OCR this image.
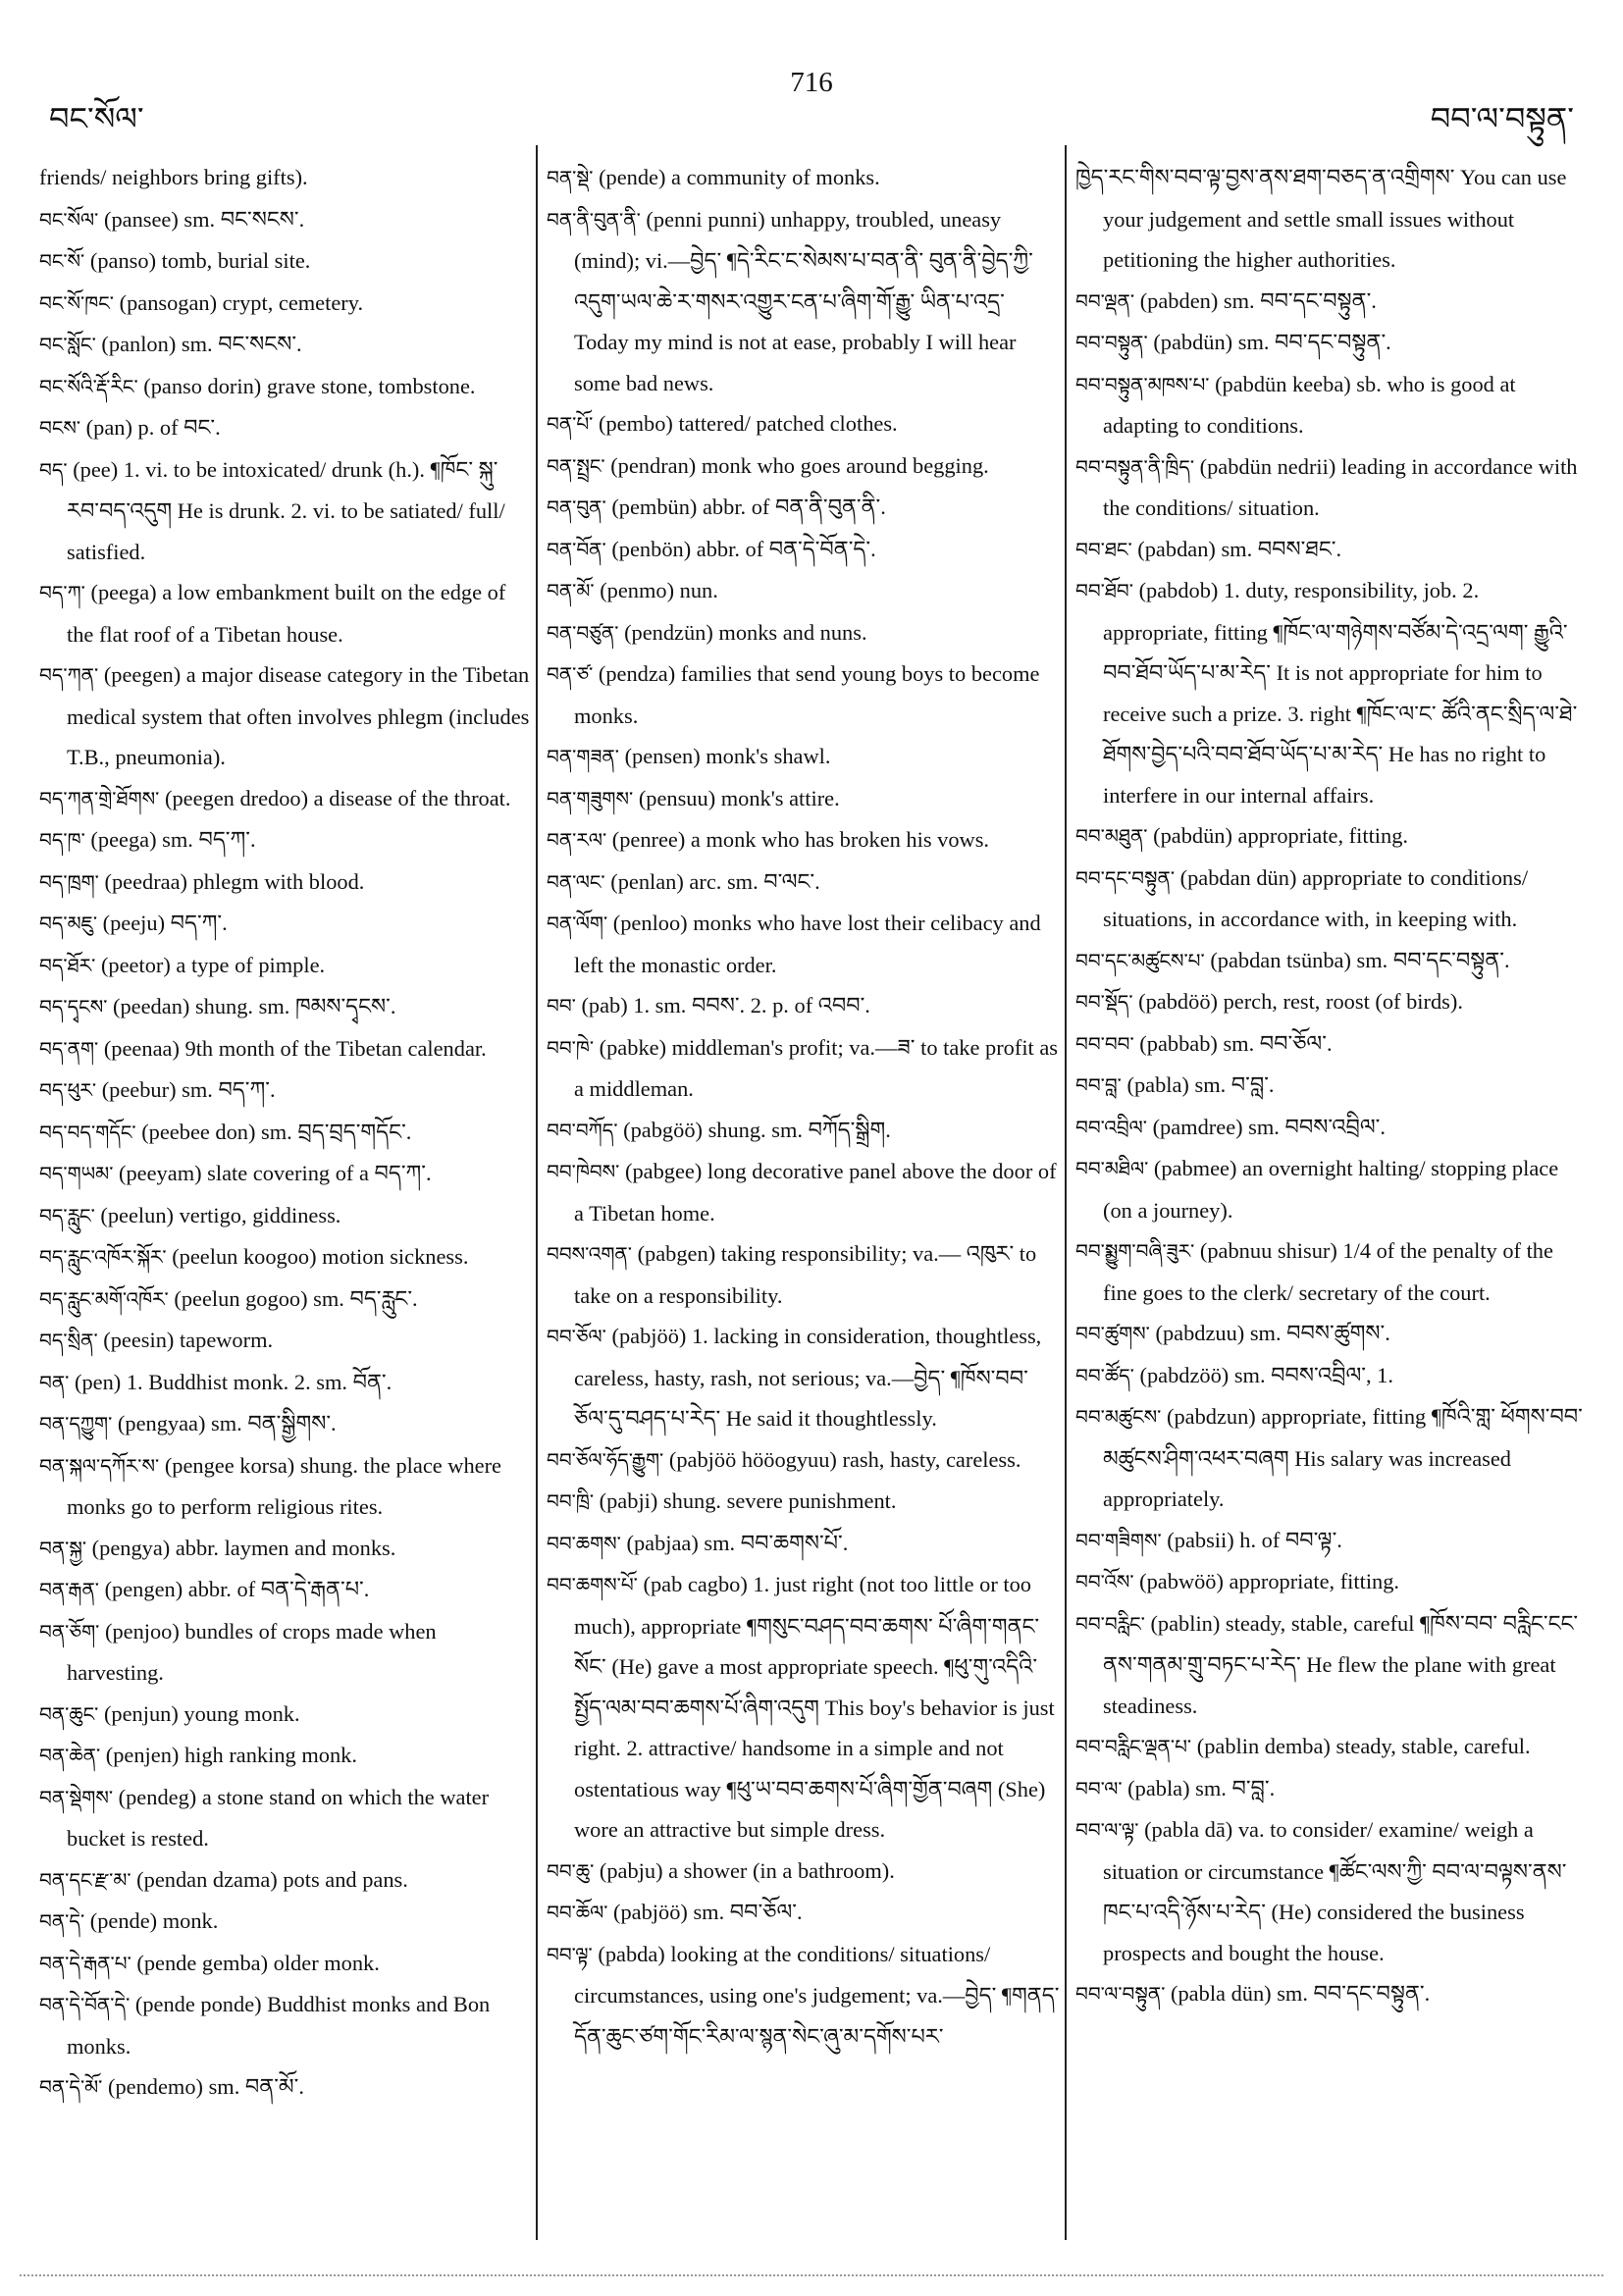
བང་སོལ་
716
བབ་ལ་བསྟུན་

friends/ neighbors bring gifts).

བང་སོལ་ (pansee) sm. བང་སངས་.

བང་སོ་ (panso) tomb, burial site.

བང་སོ་ཁང་ (pansogan) crypt, cemetery.

བང་སློང་ (panlon) sm. བང་སངས་.

བང་སོའི་རྡོ་རིང་ (panso dorin) grave stone, tombstone.

བངས་ (pan) p. of བང་.

བད་ (pee) 1. vi. to be intoxicated/ drunk (h.). ¶ཁོང་ སྐུ་རབ་བད་འདུག He is drunk. 2. vi. to be satiated/ full/ satisfied.

བད་ཀ་ (peega) a low embankment built on the edge of the flat roof of a Tibetan house.

བད་ཀན་ (peegen) a major disease category in the Tibetan medical system that often involves phlegm (includes T.B., pneumonia).

བད་ཀན་གྲེ་ཐོགས་ (peegen dredoo) a disease of the throat.

བད་ཁ་ (peega) sm. བད་ཀ་.

བད་ཁྲག་ (peedraa) phlegm with blood.

བད་མཇུ་ (peeju) བད་ཀ་.

བད་ཐོར་ (peetor) a type of pimple.

བད་དྭངས་ (peedan) shung. sm. ཁམས་དྭངས་.

བད་ནག་ (peenaa) 9th month of the Tibetan calendar.

བད་ཕུར་ (peebur) sm. བད་ཀ་.

བད་བད་གདོང་ (peebee don) sm. བྲད་བྲད་གདོང་.

བད་གཡམ་ (peeyam) slate covering of a བད་ཀ་.

བད་རླུང་ (peelun) vertigo, giddiness.

བད་རླུང་འཁོར་སྐོར་ (peelun koogoo) motion sickness.

བད་རླུང་མགོ་འཁོར་ (peelun gogoo) sm. བད་རླུང་.

བད་སྲིན་ (peesin) tapeworm.

བན་ (pen) 1. Buddhist monk. 2. sm. བོན་.

བན་དཀྱུག་ (pengyaa) sm. བན་སྒྱིགས་.

བན་སྐལ་དཀོར་ས་ (pengee korsa) shung. the place where monks go to perform religious rites.

བན་སྐྱ་ (pengya) abbr. laymen and monks.

བན་རྒན་ (pengen) abbr. of བན་དེ་རྒན་པ་.

བན་ཅོག་ (penjoo) bundles of crops made when harvesting.

བན་ཆུང་ (penjun) young monk.

བན་ཆེན་ (penjen) high ranking monk.

བན་སྡེགས་ (pendeg) a stone stand on which the water bucket is rested.

བན་དང་རྫ་མ་ (pendan dzama) pots and pans.

བན་དེ་ (pende) monk.

བན་དེ་རྒན་པ་ (pende gemba) older monk.

བན་དེ་བོན་དེ་ (pende ponde) Buddhist monks and Bon monks.

བན་དེ་མོ་ (pendemo) sm. བན་མོ་.

བན་སྡེ་ (pende) a community of monks.

བན་ནི་བུན་ནི་ (penni punni) unhappy, troubled, uneasy (mind); vi.—བྱེད་ ¶དེ་རིང་ང་སེམས་པ་བན་ནི་ བུན་ནི་བྱེད་ཀྱི་འདུག་ཡལ་ཆེ་ར་གསར་འགྱུར་ངན་པ་ཞིག་གོ་རྒྱུ་ ཡིན་པ་འདྲ་ Today my mind is not at ease, probably I will hear some bad news.

བན་པོ་ (pembo) tattered/ patched clothes.

བན་སྤྲང་ (pendran) monk who goes around begging.

བན་བུན་ (pembün) abbr. of བན་ནི་བུན་ནི་.

བན་བོན་ (penbön) abbr. of བན་དེ་བོན་དེ་.

བན་མོ་ (penmo) nun.

བན་བཙུན་ (pendzün) monks and nuns.

བན་ཙ་ (pendza) families that send young boys to become monks.

བན་གཟན་ (pensen) monk's shawl.

བན་གཟུགས་ (pensuu) monk's attire.

བན་རལ་ (penree) a monk who has broken his vows.

བན་ལང་ (penlan) arc. sm. བ་ལང་.

བན་ལོག་ (penloo) monks who have lost their celibacy and left the monastic order.

བབ་ (pab) 1. sm. བབས་. 2. p. of འབབ་.

བབ་ཁེ་ (pabke) middleman's profit; va.—ཟ་ to take profit as a middleman.

བབ་བཀོད་ (pabgöö) shung. sm. བཀོད་སྒྲིག.

བབ་ཁེབས་ (pabgee) long decorative panel above the door of a Tibetan home.

བབས་འགན་ (pabgen) taking responsibility; va.— འཁུར་ to take on a responsibility.

བབ་ཅོལ་ (pabjöö) 1. lacking in consideration, thoughtless, careless, hasty, rash, not serious; va.—བྱེད་ ¶ཁོས་བབ་ཅོལ་དུ་བཤད་པ་རེད་ He said it thoughtlessly.

བབ་ཅོལ་ཧོད་རྒྱུག་ (pabjöö hööogyuu) rash, hasty, careless.

བབ་ཁྲི་ (pabji) shung. severe punishment.

བབ་ཆགས་ (pabjaa) sm. བབ་ཆགས་པོ་.

བབ་ཆགས་པོ་ (pab cagbo) 1. just right (not too little or too much), appropriate ¶གསུང་བཤད་བབ་ཆགས་ པོ་ཞིག་གནང་སོང་ (He) gave a most appropriate speech. ¶ཕུ་གུ་འདིའི་སྤྱོད་ལམ་བབ་ཆགས་པོ་ཞིག་འདུག This boy's behavior is just right. 2. attractive/ handsome in a simple and not ostentatious way ¶ཕུ་ཡ་བབ་ཆགས་པོ་ཞིག་གྱོན་བཞག (She) wore an attractive but simple dress.

བབ་ཆུ་ (pabju) a shower (in a bathroom).

བབ་ཆོལ་ (pabjöö) sm. བབ་ཅོལ་.

བབ་ལྟ་ (pabda) looking at the conditions/ situations/ circumstances, using one's judgement; va.—བྱེད་ ¶གནད་དོན་ཆུང་ཙག་གོང་རིམ་ལ་སྙན་སེང་ཞུ་མ་དགོས་པར་

ཁྱེད་རང་གིས་བབ་ལྟ་བྱས་ནས་ཐག་བཅད་ན་འགྲིགས་ You can use your judgement and settle small issues without petitioning the higher authorities.

བབ་ལྡན་ (pabden) sm. བབ་དང་བསྟུན་.

བབ་བསྟུན་ (pabdün) sm. བབ་དང་བསྟུན་.

བབ་བསྟུན་མཁས་པ་ (pabdün keeba) sb. who is good at adapting to conditions.

བབ་བསྟུན་ནི་ཁྲིད་ (pabdün nedrii) leading in accordance with the conditions/ situation.

བབ་ཐང་ (pabdan) sm. བབས་ཐང་.

བབ་ཐོབ་ (pabdob) 1. duty, responsibility, job. 2. appropriate, fitting ¶ཁོང་ལ་གཉེགས་བཙོམ་དེ་འདྲ་ལག་ རྒྱུའི་བབ་ཐོབ་ཡོད་པ་མ་རེད་ It is not appropriate for him to receive such a prize. 3. right ¶ཁོང་ལ་ང་ ཚོའི་ནང་སྲིད་ལ་ཐེ་ཐོགས་བྱེད་པའི་བབ་ཐོབ་ཡོད་པ་མ་རེད་ He has no right to interfere in our internal affairs.

བབ་མཐུན་ (pabdün) appropriate, fitting.

བབ་དང་བསྟུན་ (pabdan dün) appropriate to conditions/ situations, in accordance with, in keeping with.

བབ་དང་མཚུངས་པ་ (pabdan tsünba) sm. བབ་དང་བསྟུན་.

བབ་སྡོད་ (pabdöö) perch, rest, roost (of birds).

བབ་བབ་ (pabbab) sm. བབ་ཅོལ་.

བབ་བླ་ (pabla) sm. བ་བླ་.

བབ་འབྲིལ་ (pamdree) sm. བབས་འབྲིལ་.

བབ་མཐིལ་ (pabmee) an overnight halting/ stopping place (on a journey).

བབ་སྨྱུག་བཞི་ཟུར་ (pabnuu shisur) 1/4 of the penalty of the fine goes to the clerk/ secretary of the court.

བབ་ཚུགས་ (pabdzuu) sm. བབས་ཚུགས་.

བབ་ཚོད་ (pabdzöö) sm. བབས་འབྲིལ་, 1.

བབ་མཚུངས་ (pabdzun) appropriate, fitting ¶ཁོའི་གླ་ ཕོགས་བབ་མཚུངས་ཤིག་འཕར་བཞག His salary was increased appropriately.

བབ་གཟིགས་ (pabsii) h. of བབ་ལྟ་.

བབ་འོས་ (pabwöö) appropriate, fitting.

བབ་བརླིང་ (pablin) steady, stable, careful ¶ཁོས་བབ་ བརླིང་ངང་ནས་གནམ་གྲུ་བཏང་པ་རེད་ He flew the plane with great steadiness.

བབ་བརླིང་ལྡན་པ་ (pablin demba) steady, stable, careful.

བབ་ལ་ (pabla) sm. བ་བླ་.

བབ་ལ་ལྟ་ (pabla dā) va. to consider/ examine/ weigh a situation or circumstance ¶ཚོང་ལས་ཀྱི་ བབ་ལ་བལྟས་ནས་ཁང་པ་འདི་ཉོས་པ་རེད་ (He) considered the business prospects and bought the house.

བབ་ལ་བསྟུན་ (pabla dün) sm. བབ་དང་བསྟུན་.
